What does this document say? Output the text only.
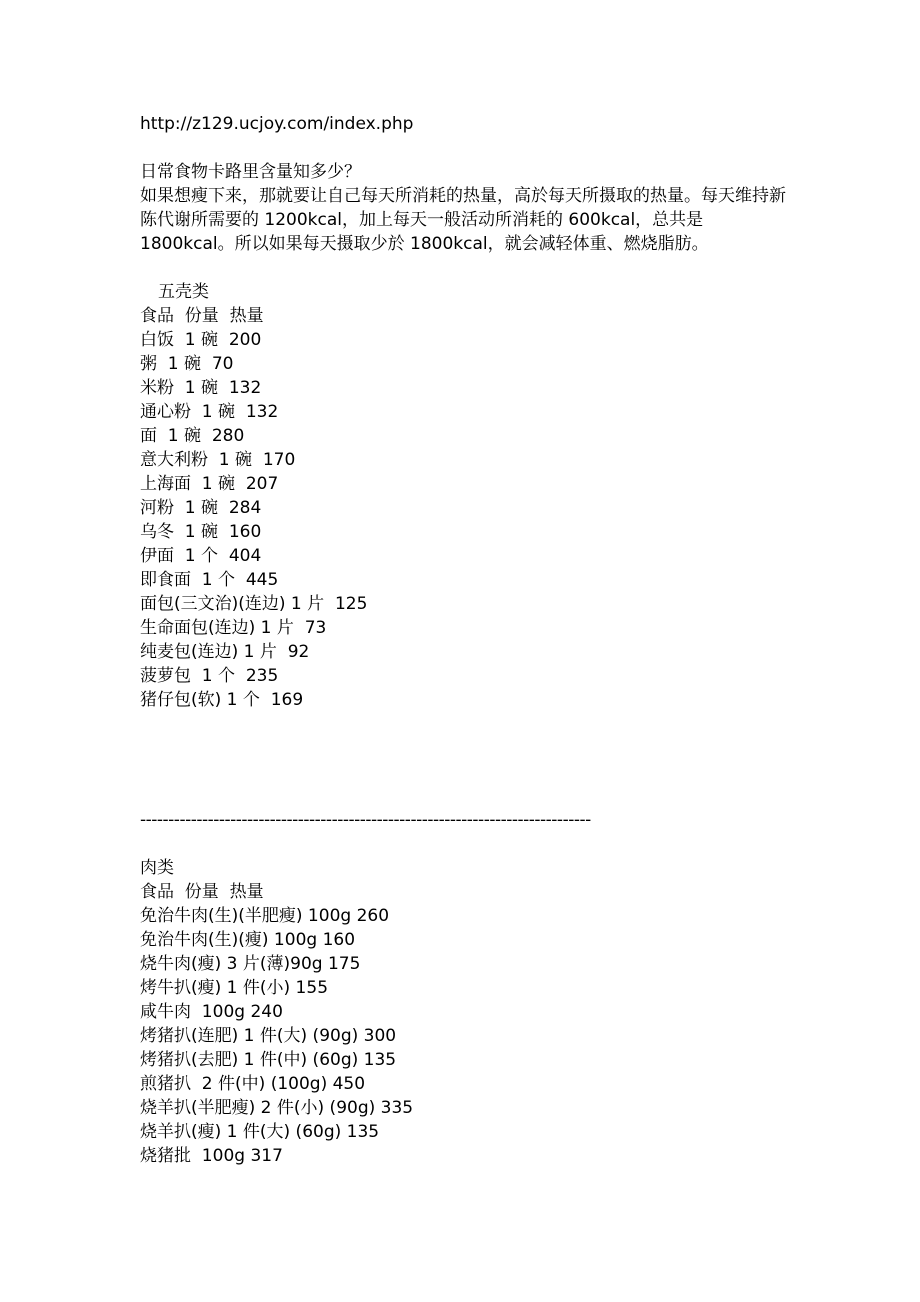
http://z129.ucjoy.com/index.php
日常食物卡路里含量知多少？
如果想瘦下来，那就要让自己每天所消耗的热量，高於每天所摄取的热量。每天维持新陈代谢所需要的 1200kcal，加上每天一般活动所消耗的 600kcal，总共是 1800kcal。所以如果每天摄取少於 1800kcal，就会减轻体重、燃烧脂肪。
五壳类
食品  份量  热量
白饭  1 碗  200
粥  1 碗  70
米粉  1 碗  132
通心粉  1 碗  132
面  1 碗  280
意大利粉  1 碗  170
上海面  1 碗  207
河粉  1 碗  284
乌冬  1 碗  160
伊面  1 个  404
即食面  1 个  445
面包(三文治)(连边) 1 片  125
生命面包(连边) 1 片  73
纯麦包(连边) 1 片  92
菠萝包  1 个  235
猪仔包(软) 1 个  169
--------------------------------------------------------------------------------
肉类
食品  份量  热量
免治牛肉(生)(半肥瘦) 100g 260
免治牛肉(生)(瘦) 100g 160
烧牛肉(瘦) 3 片(薄)90g 175
烤牛扒(瘦) 1 件(小) 155
咸牛肉  100g 240
烤猪扒(连肥) 1 件(大) (90g) 300
烤猪扒(去肥) 1 件(中) (60g) 135
煎猪扒  2 件(中) (100g) 450
烧羊扒(半肥瘦) 2 件(小) (90g) 335
烧羊扒(瘦) 1 件(大) (60g) 135
烧猪批  100g 317
